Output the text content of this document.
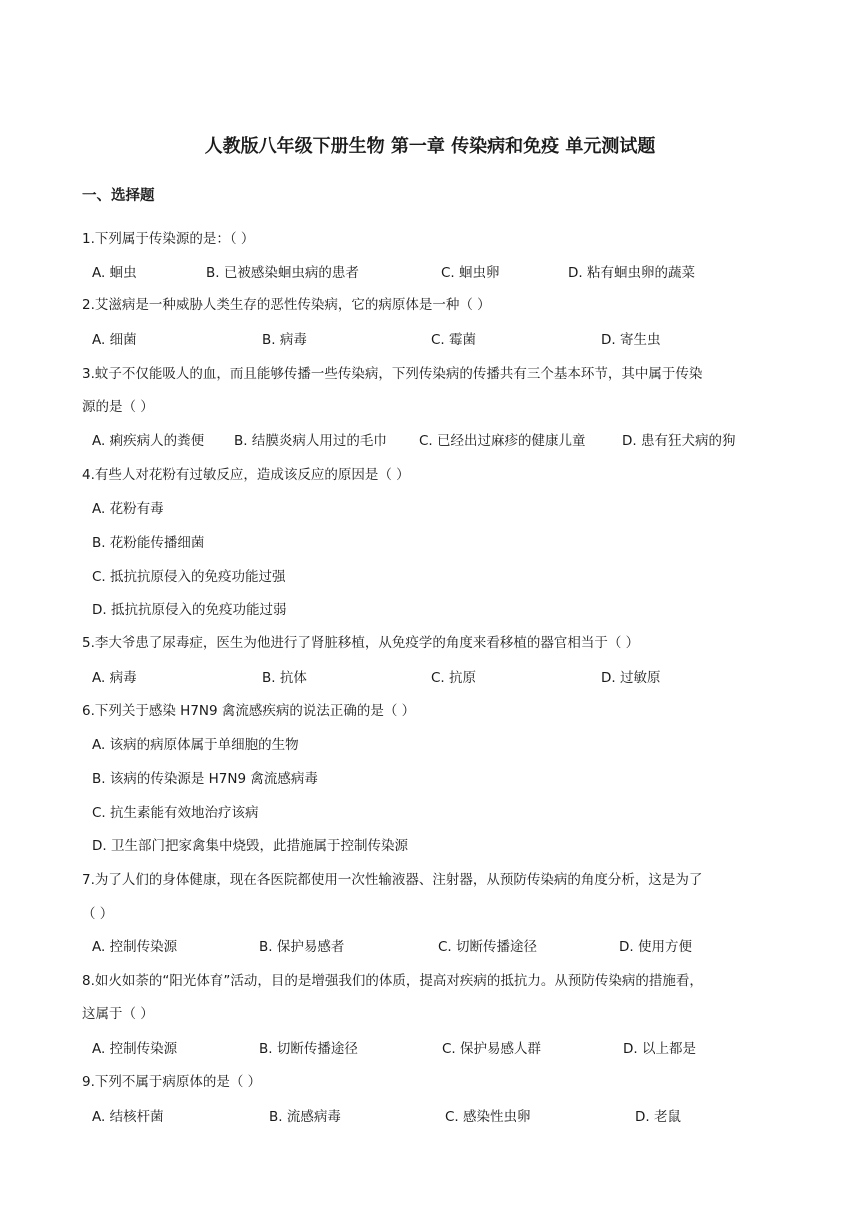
人教版八年级下册生物 第一章 传染病和免疫 单元测试题
一、选择题
1.下列属于传染源的是：（ ）
A. 蛔虫	B. 已被感染蛔虫病的患者	C. 蛔虫卵	D. 粘有蛔虫卵的蔬菜
2.艾滋病是一种威胁人类生存的恶性传染病，它的病原体是一种（ ）
A. 细菌	B. 病毒	C. 霉菌	D. 寄生虫
3.蚊子不仅能吸人的血，而且能够传播一些传染病，下列传染病的传播共有三个基本环节，其中属于传染
源的是（ ）
A. 痢疾病人的粪便 B. 结膜炎病人用过的毛巾 C. 已经出过麻疹的健康儿童	D. 患有狂犬病的狗
4.有些人对花粉有过敏反应，造成该反应的原因是（ ）
A. 花粉有毒
B. 花粉能传播细菌
C. 抵抗抗原侵入的免疫功能过强
D. 抵抗抗原侵入的免疫功能过弱
5.李大爷患了尿毒症，医生为他进行了肾脏移植，从免疫学的角度来看移植的器官相当于（ ）
A. 病毒	B. 抗体	C. 抗原	D. 过敏原
6.下列关于感染 H7N9 禽流感疾病的说法正确的是（ ）
A. 该病的病原体属于单细胞的生物
B. 该病的传染源是 H7N9 禽流感病毒
C. 抗生素能有效地治疗该病
D. 卫生部门把家禽集中烧毁，此措施属于控制传染源
7.为了人们的身体健康，现在各医院都使用一次性输液器、注射器，从预防传染病的角度分析，这是为了
（ ）
A. 控制传染源	B. 保护易感者	C. 切断传播途径	D. 使用方便
8.如火如荼的“阳光体育”活动，目的是增强我们的体质，提高对疾病的抵抗力。从预防传染病的措施看，
这属于（ ）
A. 控制传染源	B. 切断传播途径	C. 保护易感人群	D. 以上都是
9.下列不属于病原体的是（ ）
A. 结核杆菌	B. 流感病毒	C. 感染性虫卵	D. 老鼠
